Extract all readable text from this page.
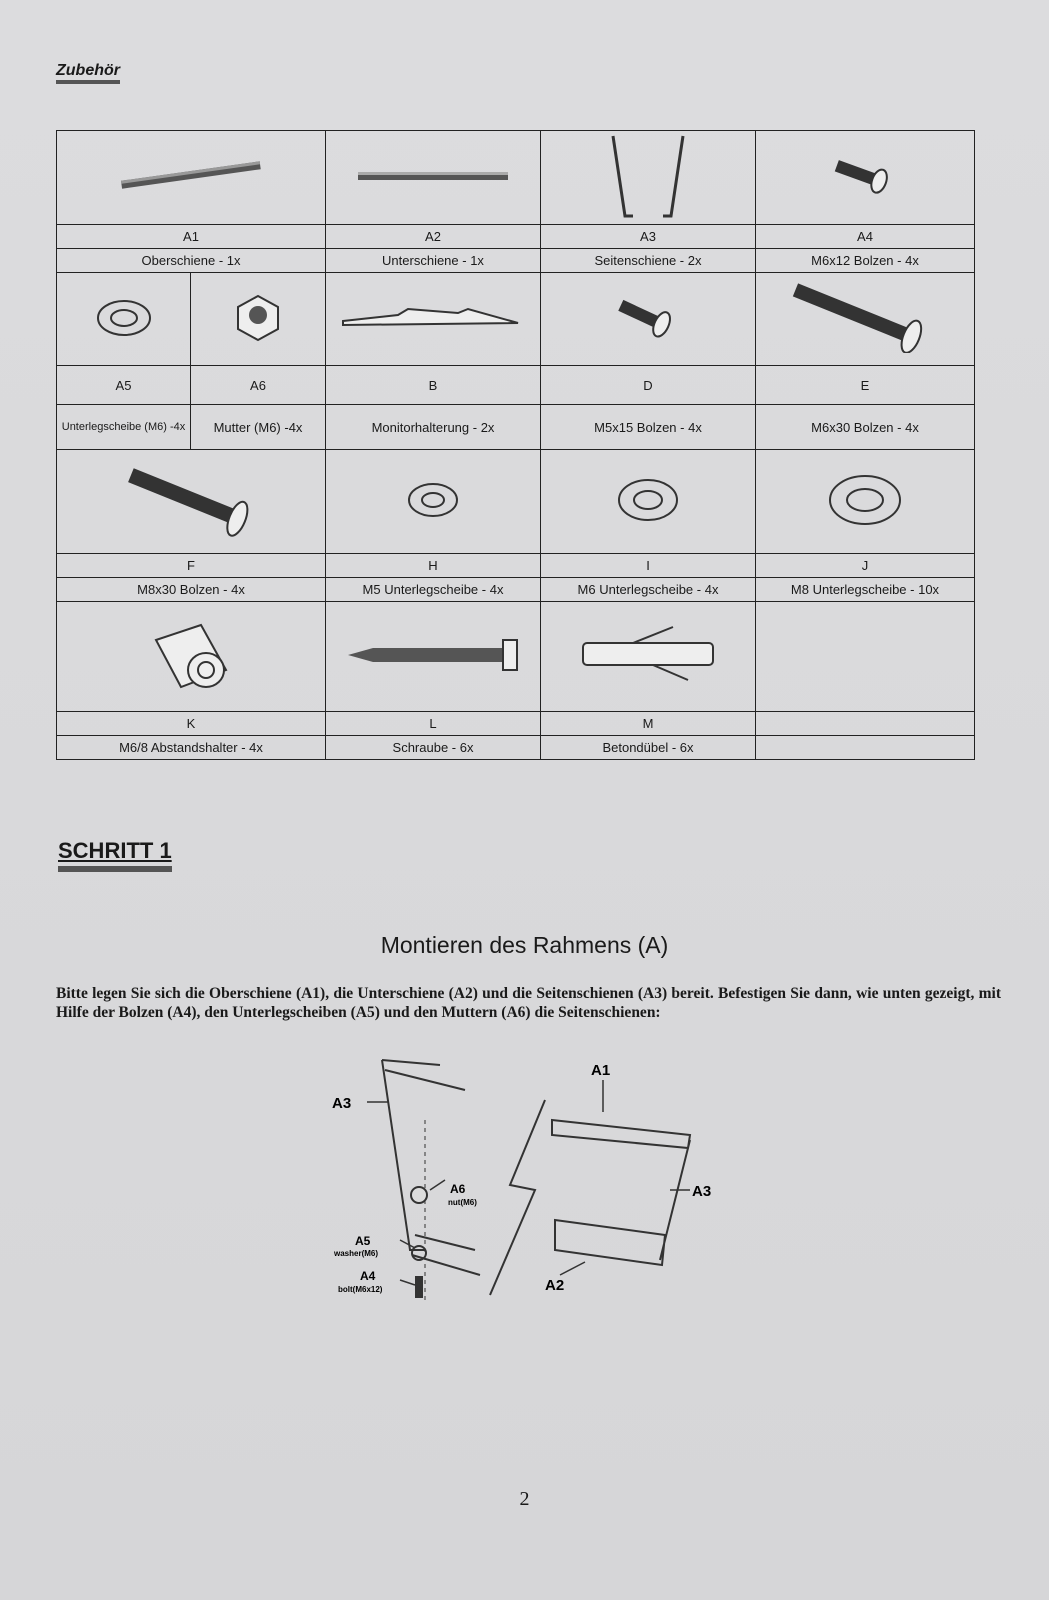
Zubehör

A1		A2	A3	A4
Oberschiene - 1x		Unterschiene - 1x	Seitenschiene - 2x	M6x12 Bolzen - 4x

A5	A6	B	D	E
Unterlegscheibe (M6) -4x	Mutter (M6) -4x	Monitorhalterung - 2x	M5x15 Bolzen - 4x	M6x30 Bolzen - 4x

F		H	I	J
M8x30 Bolzen - 4x		M5 Unterlegscheibe - 4x	M6 Unterlegscheibe - 4x	M8 Unterlegscheibe - 10x

K		L	M	
M6/8 Abstandshalter - 4x		Schraube - 6x	Betondübel - 6x	
SCHRITT 1
Montieren des Rahmens (A)
Bitte legen Sie sich die Oberschiene (A1), die Unterschiene (A2) und die Seitenschienen (A3) bereit. Befestigen Sie dann, wie unten gezeigt, mit Hilfe der Bolzen (A4), den Unterlegscheiben (A5) und den Muttern (A6) die Seitenschienen:
A3
A6
nut(M6)
A5
washer(M6)
A4
bolt(M6x12)
A1
A3
A2
2
